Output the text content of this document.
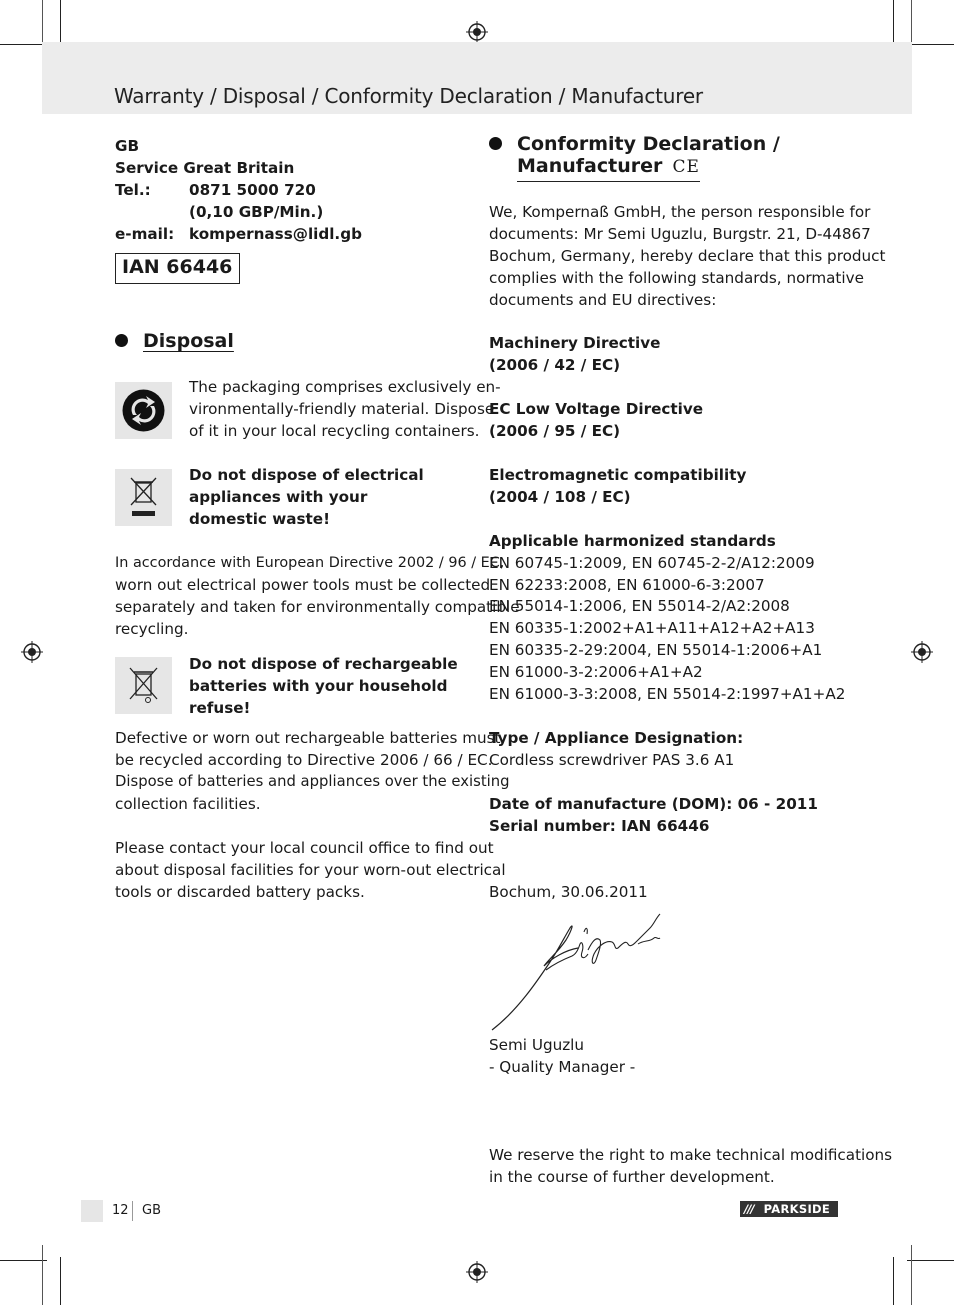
Warranty / Disposal / Conformity Declaration / Manufacturer
GB
Service Great Britain
Tel.:	0871 5000 720
(0,10 GBP/Min.)
e-mail: kompernass@lidl.gb
IAN 66446
Disposal
The packaging comprises exclusively en-
vironmentally-friendly material. Dispose
of it in your local recycling containers.
Do not dispose of electrical
appliances with your
domestic waste!
In accordance with European Directive 2002 / 96 / EC,
worn out electrical power tools must be collected
separately and taken for environmentally compatible
recycling.
Do not dispose of rechargeable
batteries with your household
refuse!
Defective or worn out rechargeable batteries must
be recycled according to Directive 2006 / 66 / EC.
Dispose of batteries and appliances over the existing
collection facilities.
Please contact your local council office to find out
about disposal facilities for your worn-out electrical
tools or discarded battery packs.
Conformity Declaration /
Manufacturer CE
We, Kompernaß GmbH, the person responsible for
documents: Mr Semi Uguzlu, Burgstr. 21, D-44867
Bochum, Germany, hereby declare that this product
complies with the following standards, normative
documents and EU directives:
Machinery Directive
(2006 / 42 / EC)
EC Low Voltage Directive
(2006 / 95 / EC)
Electromagnetic compatibility
(2004 / 108 / EC)
Applicable harmonized standards
EN 60745-1:2009, EN 60745-2-2/A12:2009
EN 62233:2008, EN 61000-6-3:2007
EN 55014-1:2006, EN 55014-2/A2:2008
EN 60335-1:2002+A1+A11+A12+A2+A13
EN 60335-2-29:2004, EN 55014-1:2006+A1
EN 61000-3-2:2006+A1+A2
EN 61000-3-3:2008, EN 55014-2:1997+A1+A2
Type / Appliance Designation:
Cordless screwdriver PAS 3.6 A1
Date of manufacture (DOM): 06 - 2011
Serial number: IAN 66446
Bochum, 30.06.2011
Semi Uguzlu
- Quality Manager -
We reserve the right to make technical modifications
in the course of further development.
12 GB	/// PARKSIDE
